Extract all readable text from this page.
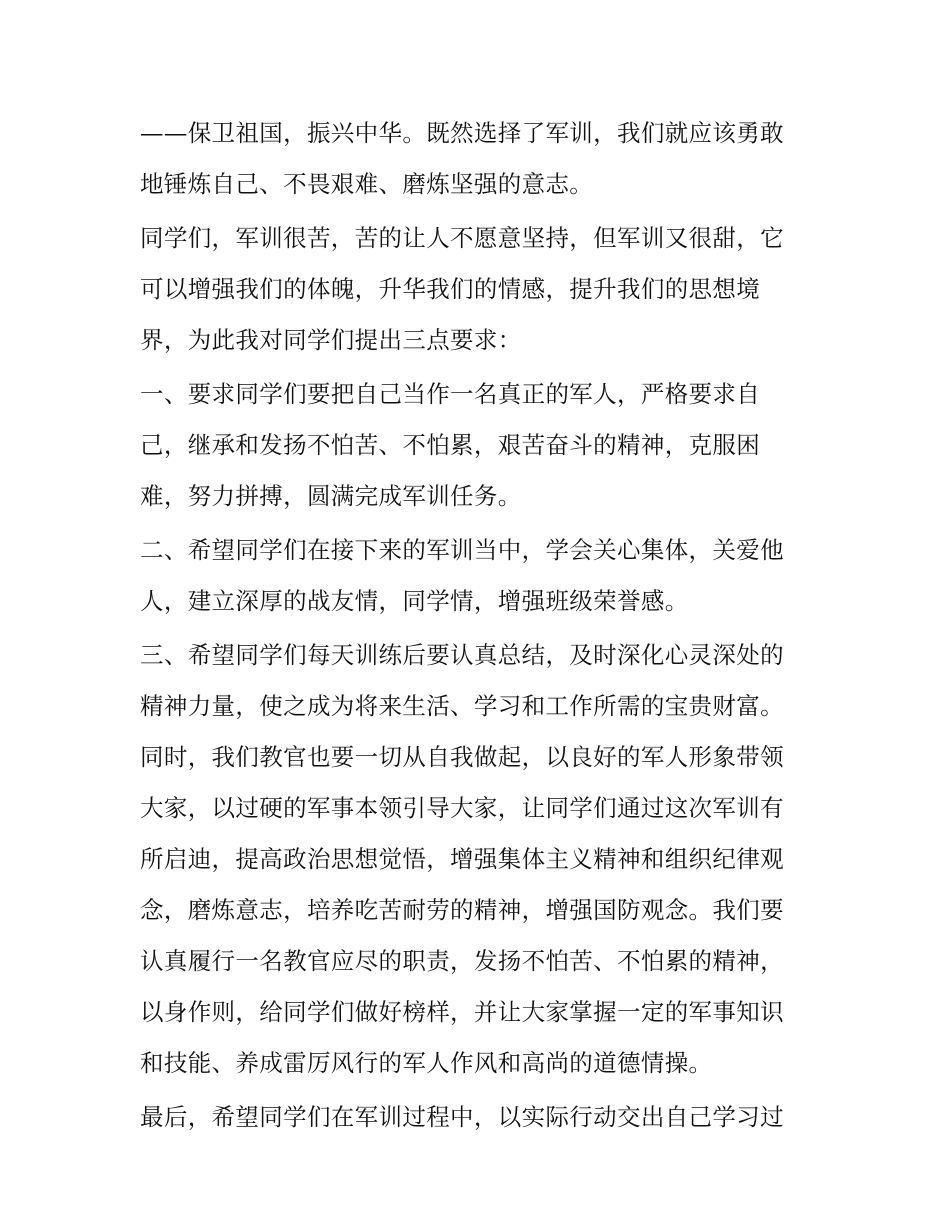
——保卫祖国，振兴中华。既然选择了军训，我们就应该勇敢
地锤炼自己、不畏艰难、磨炼坚强的意志。
同学们，军训很苦，苦的让人不愿意坚持，但军训又很甜，它
可以增强我们的体魄，升华我们的情感，提升我们的思想境
界，为此我对同学们提出三点要求：
一、要求同学们要把自己当作一名真正的军人，严格要求自
己，继承和发扬不怕苦、不怕累，艰苦奋斗的精神，克服困
难，努力拼搏，圆满完成军训任务。
二、希望同学们在接下来的军训当中，学会关心集体，关爱他
人，建立深厚的战友情，同学情，增强班级荣誉感。
三、希望同学们每天训练后要认真总结，及时深化心灵深处的
精神力量，使之成为将来生活、学习和工作所需的宝贵财富。
同时，我们教官也要一切从自我做起，以良好的军人形象带领
大家，以过硬的军事本领引导大家，让同学们通过这次军训有
所启迪，提高政治思想觉悟，增强集体主义精神和组织纪律观
念，磨炼意志，培养吃苦耐劳的精神，增强国防观念。我们要
认真履行一名教官应尽的职责，发扬不怕苦、不怕累的精神，
以身作则，给同学们做好榜样，并让大家掌握一定的军事知识
和技能、养成雷厉风行的军人作风和高尚的道德情操。
最后，希望同学们在军训过程中，以实际行动交出自己学习过
